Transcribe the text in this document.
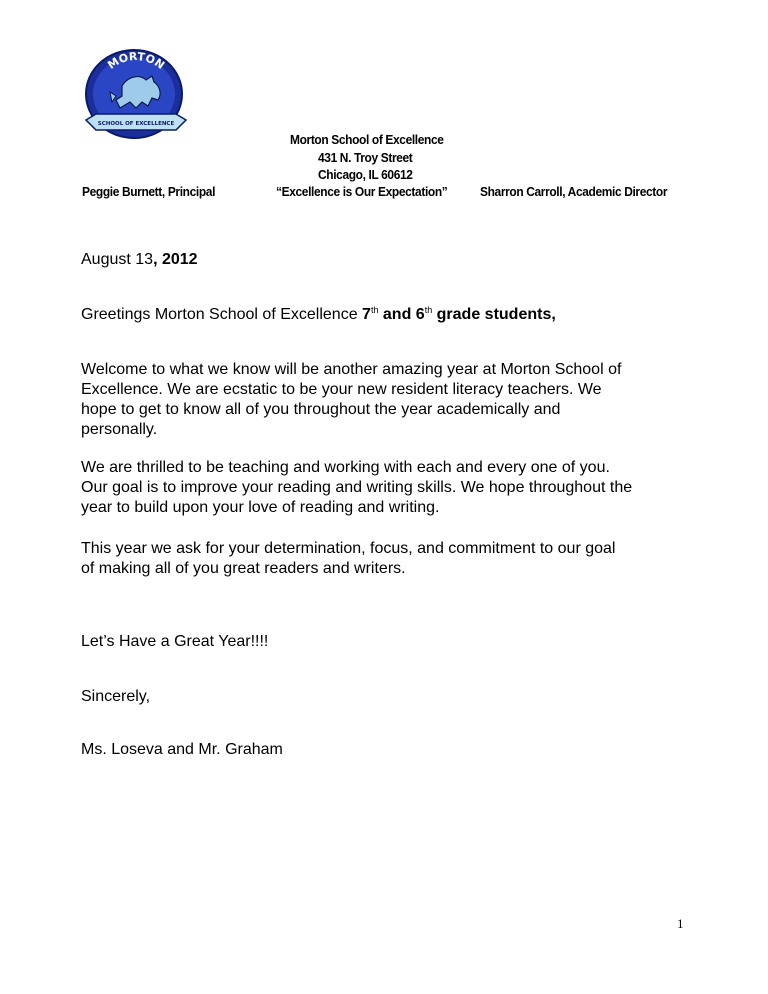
MORTON
SCHOOL OF EXCELLENCE
Morton School of Excellence
431 N. Troy Street
Chicago, IL 60612
Peggie Burnett, Principal	“Excellence is Our Expectation”	Sharron Carroll, Academic Director
August 13, 2012
Greetings Morton School of Excellence 7th and 6th grade students,
Welcome to what we know will be another amazing year at Morton School of
Excellence. We are ecstatic to be your new resident literacy teachers. We
hope to get to know all of you throughout the year academically and
personally.
We are thrilled to be teaching and working with each and every one of you.
Our goal is to improve your reading and writing skills. We hope throughout the
year to build upon your love of reading and writing.
This year we ask for your determination, focus, and commitment to our goal
of making all of you great readers and writers.
Let’s Have a Great Year!!!!
Sincerely,
Ms. Loseva and Mr. Graham
1
